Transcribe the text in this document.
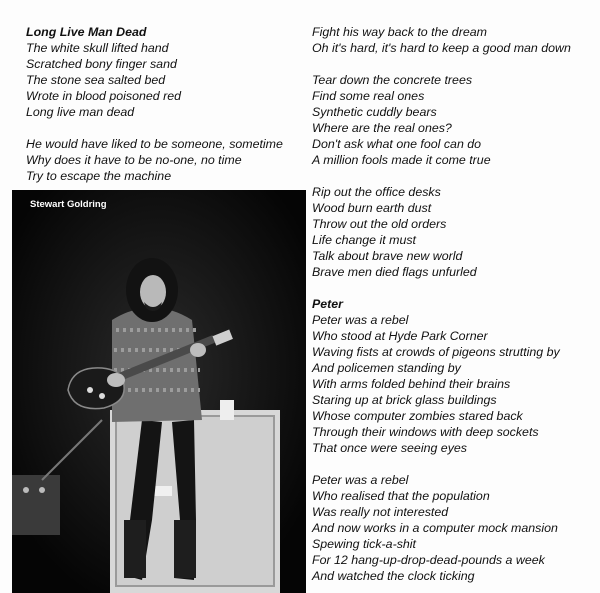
Long Live Man Dead
The white skull lifted hand
Scratched bony finger sand
The stone sea salted bed
Wrote in blood poisoned red
Long live man dead
He would have liked to be someone, sometime
Why does it have to be no-one, no time
Try to escape the machine
Stewart Goldring
Fight his way back to the dream
Oh it's hard, it's hard to keep a good man down
Tear down the concrete trees
Find some real ones
Synthetic cuddly bears
Where are the real ones?
Don't ask what one fool can do
A million fools made it come true
Rip out the office desks
Wood burn earth dust
Throw out the old orders
Life change it must
Talk about brave new world
Brave men died flags unfurled
Peter
Peter was a rebel
Who stood at Hyde Park Corner
Waving fists at crowds of pigeons strutting by
And policemen standing by
With arms folded behind their brains
Staring up at brick glass buildings
Whose computer zombies stared back
Through their windows with deep sockets
That once were seeing eyes
Peter was a rebel
Who realised that the population
Was really not interested
And now works in a computer mock mansion
Spewing tick-a-shit
For 12 hang-up-drop-dead-pounds a week
And watched the clock ticking
